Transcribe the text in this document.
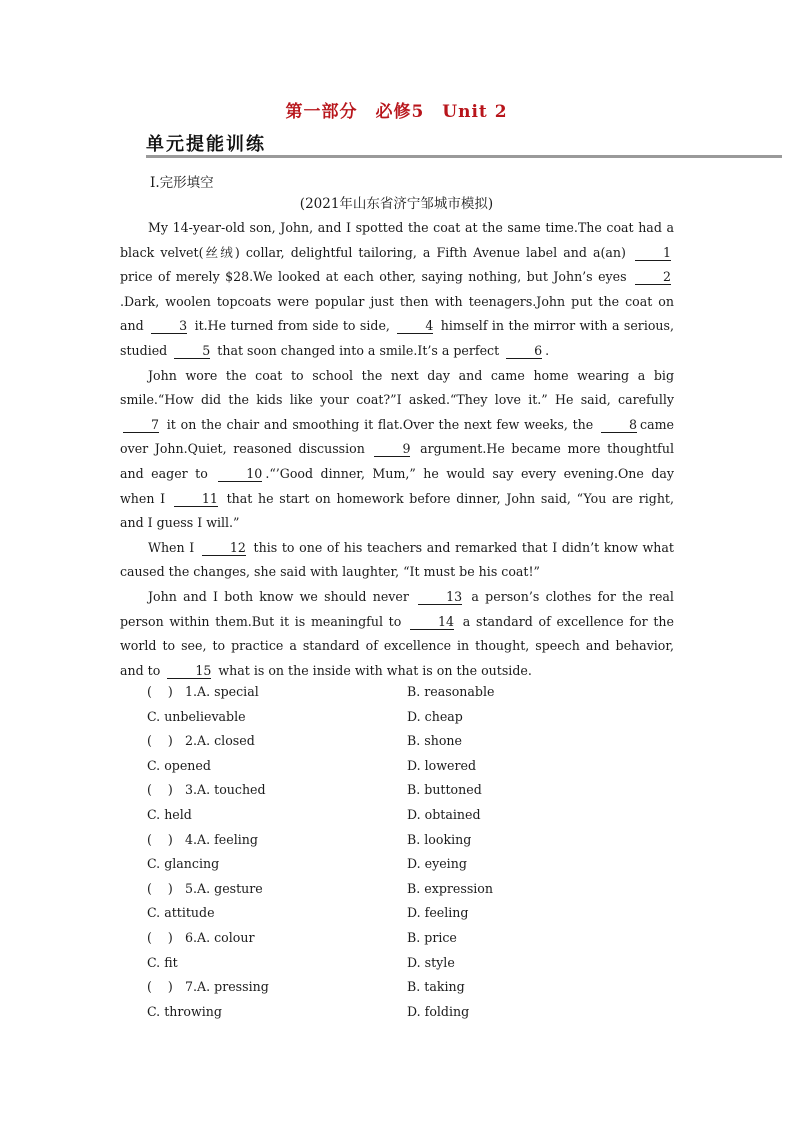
第一部分　必修5　Unit 2
单元提能训练
Ⅰ.完形填空
(2021年山东省济宁邹城市模拟)

My 14-year-old son, John, and I spotted the coat at the same time.The coat had a black velvet(丝绒) collar, delightful tailoring, a Fifth Avenue label and a(an)	1 price of merely $28.We looked at each other, saying nothing, but John’s eyes	2.Dark, woolen topcoats were popular just then with teenagers.John put the coat on and	3 it.He turned from side to side,	4 himself in the mirror with a serious, studied	5 that soon changed into a smile.It’s a perfect	6 .

John wore the coat to school the next day and came home wearing a big smile.“How did the kids like your coat?”I asked.“They love it.” He said, carefully 7 it on the chair and smoothing it flat.Over the next few weeks, the	8 came over John.Quiet, reasoned discussion	9 argument.He became more thoughtful and eager to	10 .“’Good dinner, Mum,” he would say every evening.One day when I	11 that he start on homework before dinner, John said, “You are right, and I guess I will.”

When I	12 this to one of his teachers and remarked that I didn’t know what caused the changes, she said with laughter, “It must be his coat!”

John and I both know we should never	13 a person’s clothes for the real person within them.But it is meaningful to	14 a standard of excellence for the world to see, to practice a standard of excellence in thought, speech and behavior, and to	15 what is on the inside with what is on the outside.

(    ) 1.A. special	B. reasonable
C. unbelievable	D. cheap
(    ) 2.A. closed	B. shone
C. opened	D. lowered
(    ) 3.A. touched	B. buttoned
C. held	D. obtained
(    ) 4.A. feeling	B. looking
C. glancing	D. eyeing
(    ) 5.A. gesture	B. expression
C. attitude	D. feeling
(    ) 6.A. colour	B. price
C. fit	D. style
(    ) 7.A. pressing	B. taking
C. throwing	D. folding
